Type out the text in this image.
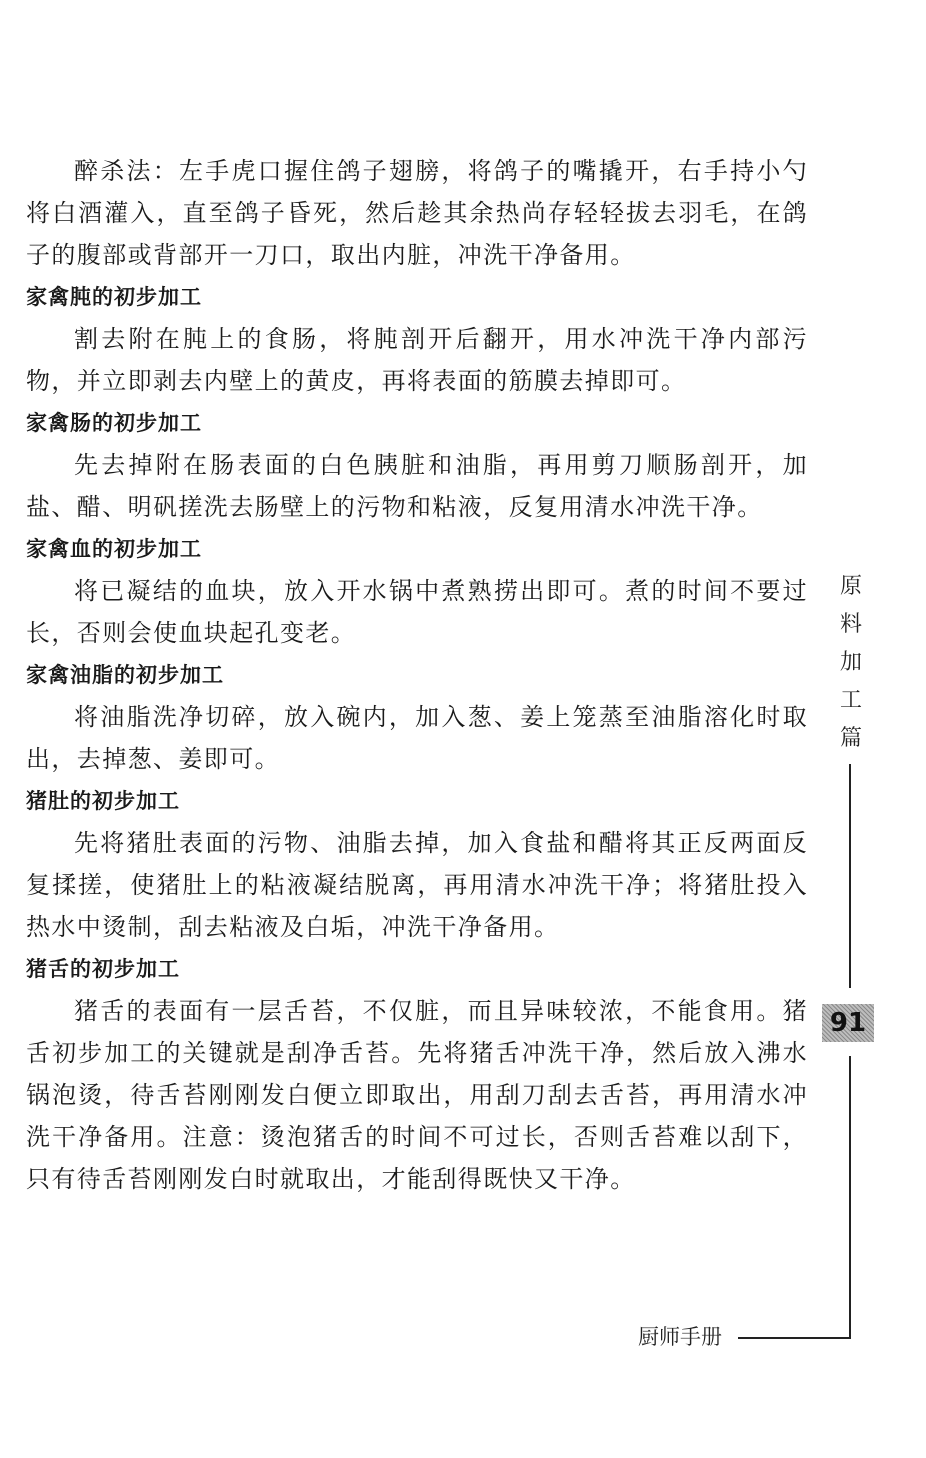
醉杀法：左手虎口握住鸽子翅膀，将鸽子的嘴撬开，右手持小勺将白酒灌入，直至鸽子昏死，然后趁其余热尚存轻轻拔去羽毛，在鸽子的腹部或背部开一刀口，取出内脏，冲洗干净备用。

家禽肫的初步加工

割去附在肫上的食肠，将肫剖开后翻开，用水冲洗干净内部污物，并立即剥去内壁上的黄皮，再将表面的筋膜去掉即可。

家禽肠的初步加工

先去掉附在肠表面的白色胰脏和油脂，再用剪刀顺肠剖开，加盐、醋、明矾搓洗去肠壁上的污物和粘液，反复用清水冲洗干净。

家禽血的初步加工

将已凝结的血块，放入开水锅中煮熟捞出即可。煮的时间不要过长，否则会使血块起孔变老。

家禽油脂的初步加工

将油脂洗净切碎，放入碗内，加入葱、姜上笼蒸至油脂溶化时取出，去掉葱、姜即可。

猪肚的初步加工

先将猪肚表面的污物、油脂去掉，加入食盐和醋将其正反两面反复揉搓，使猪肚上的粘液凝结脱离，再用清水冲洗干净；将猪肚投入热水中烫制，刮去粘液及白垢，冲洗干净备用。

猪舌的初步加工

猪舌的表面有一层舌苔，不仅脏，而且异味较浓，不能食用。猪舌初步加工的关键就是刮净舌苔。先将猪舌冲洗干净，然后放入沸水锅泡烫，待舌苔刚刚发白便立即取出，用刮刀刮去舌苔，再用清水冲洗干净备用。注意：烫泡猪舌的时间不可过长，否则舌苔难以刮下，只有待舌苔刚刚发白时就取出，才能刮得既快又干净。

原
料
加
工
篇
91
厨师手册
